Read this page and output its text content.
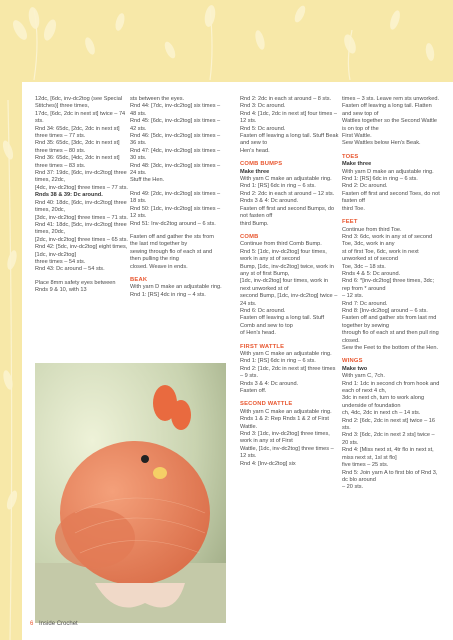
12dc, [6dc, inv-dc2tog (see Special Stitches)] three times,

17dc, [6dc, 2dc in next st] twice – 74 sts.

Rnd 34: 65dc, [2dc, 2dc in next st] three times – 77 sts.

Rnd 35: 65dc, [3dc, 2dc in next st] three times – 80 sts.

Rnd 36: 65dc, [4dc, 2dc in next st] three times – 83 sts.

Rnd 37: 19dc, [6dc, inv-dc2tog] three times, 22dc,

[4dc, inv-dc2tog] three times – 77 sts.

Rnds 38 & 39: Dc around.

Rnd 40: 18dc, [6dc, inv-dc2tog] three times, 20dc,

[3dc, inv-dc2tog] three times – 71 sts.

Rnd 41: 18dc, [5dc, inv-dc2tog] three times, 20dc,

[2dc, inv-dc2tog] three times – 65 sts.

Rnd 42: [5dc, inv-dc2tog] eight times, [1dc, inv-dc2tog]

three times – 54 sts.

Rnd 43: Dc around – 54 sts.

Place 8mm safety eyes between Rnds 9 & 10, with 13

sts between the eyes.

Rnd 44: [7dc, inv-dc2tog] six times – 48 sts.

Rnd 45: [6dc, inv-dc2tog] six times – 42 sts.

Rnd 46: [5dc, inv-dc2tog] six times – 36 sts.

Rnd 47: [4dc, inv-dc2tog] six times – 30 sts.

Rnd 48: [3dc, inv-dc2tog] six times – 24 sts.

Stuff the Hen.

Rnd 49: [2dc, inv-dc2tog] six times – 18 sts.

Rnd 50: [1dc, inv-dc2tog] six times – 12 sts.

Rnd 51: Inv-dc2tog around – 6 sts.

Fasten off and gather the sts from the last rnd together by

sewing through flo of each st and then pulling the ring

closed. Weave in ends.

BEAK

With yarn D make an adjustable ring.

Rnd 1: [RS] 4dc in ring – 4 sts.

Rnd 2: 2dc in each st around – 8 sts.

Rnd 3: Dc around.

Rnd 4: [1dc, 2dc in next st] four times – 12 sts.

Rnd 5: Dc around.

Fasten off leaving a long tail. Stuff Beak and sew to

Hen's head.

COMB BUMPS

Make three

With yarn C make an adjustable ring.

Rnd 1: [RS] 6dc in ring – 6 sts.

Rnd 2: 2dc in each st around – 12 sts.

Rnds 3 & 4: Dc around.

Fasten off first and second Bumps, do not fasten off

third Bump.

COMB

Continue from third Comb Bump.

Rnd 5: [1dc, inv-dc2tog] four times, work in any st of second

Bump, [1dc, inv-dc2tog] twice, work in any st of first Bump,

[1dc, inv-dc2tog] four times, work in next unworked st of

second Bump, [1dc, inv-dc2tog] twice – 24 sts.

Rnd 6: Dc around.

Fasten off leaving a long tail. Stuff Comb and sew to top

of Hen's head.

FIRST WATTLE

With yarn C make an adjustable ring.

Rnd 1: [RS] 6dc in ring – 6 sts.

Rnd 2: [1dc, 2dc in next st] three times – 9 sts.

Rnds 3 & 4: Dc around.

Fasten off.

SECOND WATTLE

With yarn C make an adjustable ring.

Rnds 1 & 2: Rep Rnds 1 & 2 of First Wattle.

Rnd 3: [1dc, inv-dc2tog] three times, work in any st of First

Wattle, [1dc, inv-dc2tog] three times – 12 sts.

Rnd 4: [Inv-dc2tog] six

times – 3 sts. Leave rem sts unworked.

Fasten off leaving a long tail. Flatten and sew top of

Wattles together so the Second Wattle is on top of the

First Wattle.

Sew Wattles below Hen's Beak.

TOES

Make three

With yarn D make an adjustable ring.

Rnd 1: [RS] 6dc in ring – 6 sts.

Rnd 2: Dc around.

Fasten off first and second Toes, do not fasten off

third Toe.

FEET

Continue from third Toe.

Rnd 3: 6dc, work in any st of second Toe, 3dc, work in any

st of first Toe, 6dc, work in next unworked st of second

Toe, 3dc – 18 sts.

Rnds 4 & 5: Dc around.

Rnd 6: *[inv-dc2tog] three times, 3dc; rep from * around

– 12 sts.

Rnd 7: Dc around.

Rnd 8: [Inv-dc2tog] around – 6 sts.

Fasten off and gather sts from last rnd together by sewing

through flo of each st and then pull ring closed.

Sew the Feet to the bottom of the Hen.

WINGS

Make two

With yarn C, 7ch.

Rnd 1: 1dc in second ch from hook and each of next 4 ch,

3dc in next ch, turn to work along underside of foundation

ch, 4dc, 2dc in next ch – 14 sts.

Rnd 2: [6dc, 2dc in next st] twice – 16 sts.

Rnd 3: [6dc, 2dc in next 2 sts] twice – 20 sts.

Rnd 4: [Miss next st, 4tr flo in next st, miss next st, 1sl st flo]

five times – 25 sts.

Rnd 5: Join yarn A to first blo of Rnd 3, dc blo around

– 20 sts.

6 Inside Crochet
